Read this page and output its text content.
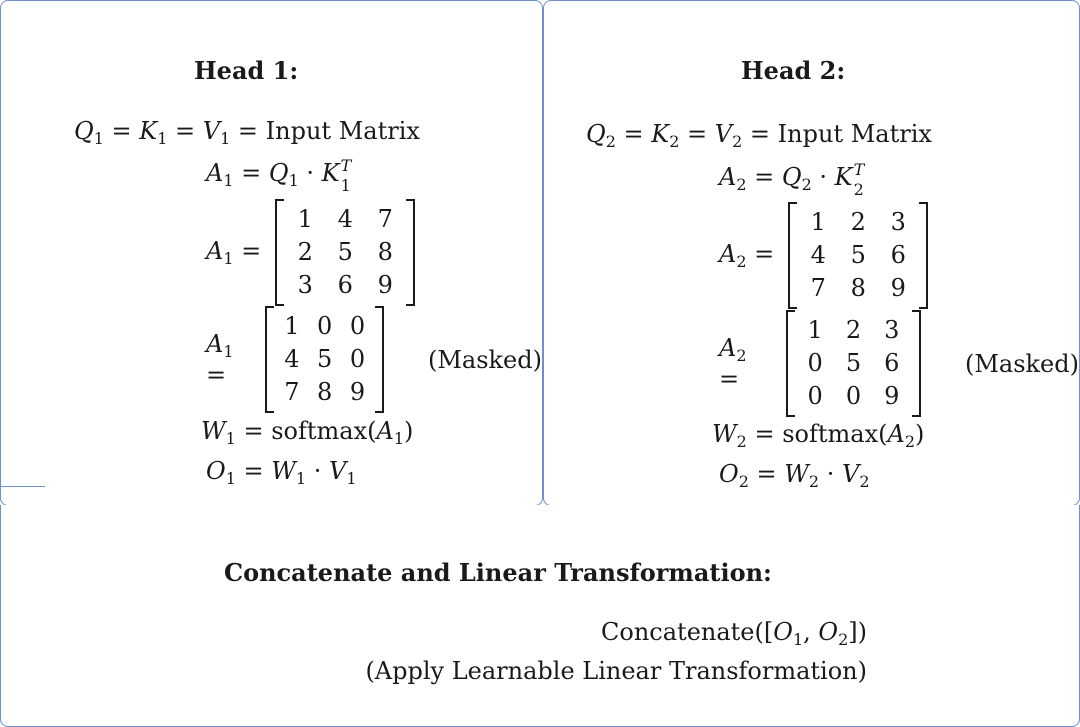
Head 1:
$Q_1 = K_1 = V_1$ = Input Matrix
$A_1 = Q_1 \cdot K$ T
1
$A_1$ =
1	4	7
2	5	8
3	6	9
$A_1$ =
1	0	0
4	5	0
7	8	9
(Masked)
$W_1$ = $softmax(A_1)$
$O_1 = W_1 \cdot V_1$
Head 2:
$Q_2 = K_2 = V_2$ = Input Matrix
$A_2 = Q_2 \cdot K$ T
2
$A_2$ =
1	2	3
4	5	6
7	8	9
$A_2$ =
1	2	3
0	5	6
0	0	9
(Masked)
$W_2$ = $softmax(A_2)$
$O_2 = W_2 \cdot V_2$
Concatenate and Linear Transformation:
$Concatenate([O_1$, $O_2$])
(Apply Learnable Linear Transformation)
